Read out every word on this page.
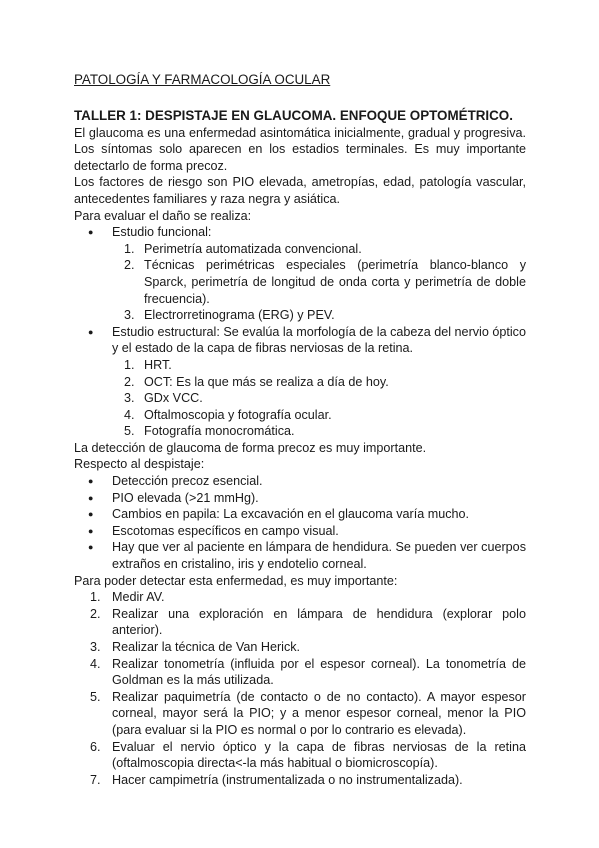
PATOLOGÍA Y FARMACOLOGÍA OCULAR
TALLER 1: DESPISTAJE EN GLAUCOMA. ENFOQUE OPTOMÉTRICO.

El glaucoma es una enfermedad asintomática inicialmente, gradual y progresiva. Los síntomas solo aparecen en los estadios terminales. Es muy importante detectarlo de forma precoz.

Los factores de riesgo son PIO elevada, ametropías, edad, patología vascular, antecedentes familiares y raza negra y asiática.

Para evaluar el daño se realiza:

● Estudio funcional:
1. Perimetría automatizada convencional.
2. Técnicas perimétricas especiales (perimetría blanco-blanco y Sparck, perimetría de longitud de onda corta y perimetría de doble frecuencia).
3. Electrorretinograma (ERG) y PEV.
● Estudio estructural: Se evalúa la morfología de la cabeza del nervio óptico y el estado de la capa de fibras nerviosas de la retina.
1. HRT.
2. OCT: Es la que más se realiza a día de hoy.
3. GDx VCC.
4. Oftalmoscopia y fotografía ocular.
5. Fotografía monocromática.

La detección de glaucoma de forma precoz es muy importante.

Respecto al despistaje:

● Detección precoz esencial.
● PIO elevada (>21 mmHg).
● Cambios en papila: La excavación en el glaucoma varía mucho.
● Escotomas específicos en campo visual.
● Hay que ver al paciente en lámpara de hendidura. Se pueden ver cuerpos extraños en cristalino, iris y endotelio corneal.

Para poder detectar esta enfermedad, es muy importante:

1. Medir AV.
2. Realizar una exploración en lámpara de hendidura (explorar polo anterior).
3. Realizar la técnica de Van Herick.
4. Realizar tonometría (influida por el espesor corneal). La tonometría de Goldman es la más utilizada.
5. Realizar paquimetría (de contacto o de no contacto). A mayor espesor corneal, mayor será la PIO; y a menor espesor corneal, menor la PIO (para evaluar si la PIO es normal o por lo contrario es elevada).
6. Evaluar el nervio óptico y la capa de fibras nerviosas de la retina (oftalmoscopia directa<-la más habitual o biomicroscopía).
7. Hacer campimetría (instrumentalizada o no instrumentalizada).
